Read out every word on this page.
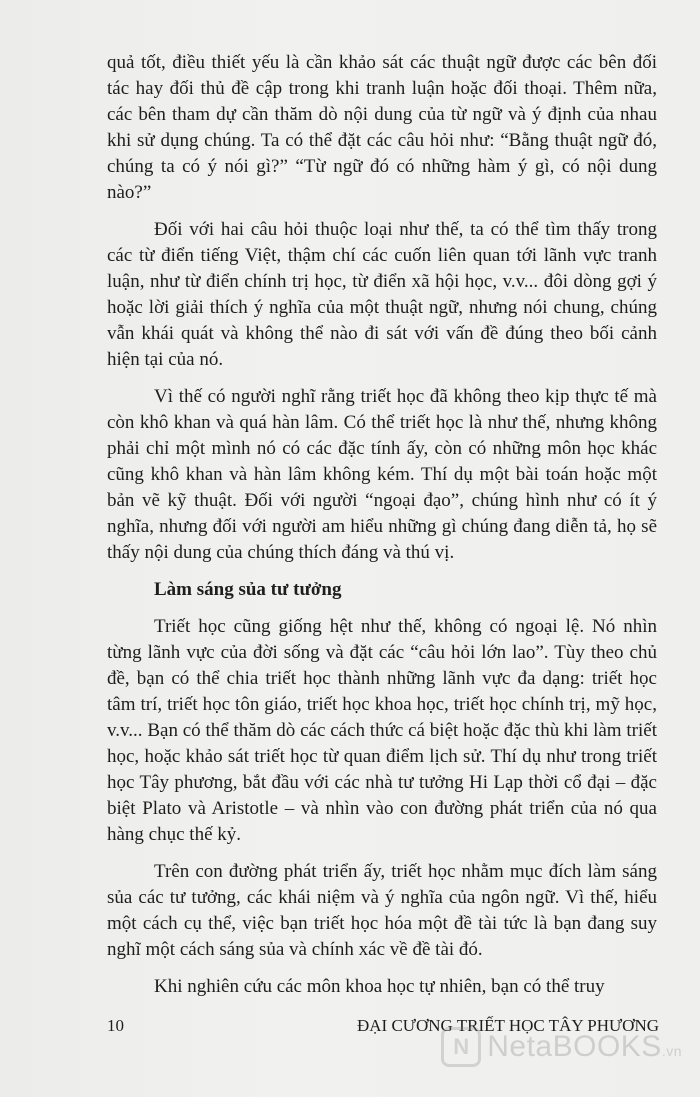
quả tốt, điều thiết yếu là cần khảo sát các thuật ngữ được các bên đối tác hay đối thủ đề cập trong khi tranh luận hoặc đối thoại. Thêm nữa, các bên tham dự cần thăm dò nội dung của từ ngữ và ý định của nhau khi sử dụng chúng. Ta có thể đặt các câu hỏi như: “Bằng thuật ngữ đó, chúng ta có ý nói gì?” “Từ ngữ đó có những hàm ý gì, có nội dung nào?”

Đối với hai câu hỏi thuộc loại như thế, ta có thể tìm thấy trong các từ điển tiếng Việt, thậm chí các cuốn liên quan tới lãnh vực tranh luận, như từ điển chính trị học, từ điển xã hội học, v.v... đôi dòng gợi ý hoặc lời giải thích ý nghĩa của một thuật ngữ, nhưng nói chung, chúng vẫn khái quát và không thể nào đi sát với vấn đề đúng theo bối cảnh hiện tại của nó.

Vì thế có người nghĩ rằng triết học đã không theo kịp thực tế mà còn khô khan và quá hàn lâm. Có thể triết học là như thế, nhưng không phải chỉ một mình nó có các đặc tính ấy, còn có những môn học khác cũng khô khan và hàn lâm không kém. Thí dụ một bài toán hoặc một bản vẽ kỹ thuật. Đối với người “ngoại đạo”, chúng hình như có ít ý nghĩa, nhưng đối với người am hiểu những gì chúng đang diễn tả, họ sẽ thấy nội dung của chúng thích đáng và thú vị.

Làm sáng sủa tư tưởng

Triết học cũng giống hệt như thế, không có ngoại lệ. Nó nhìn từng lãnh vực của đời sống và đặt các “câu hỏi lớn lao”. Tùy theo chủ đề, bạn có thể chia triết học thành những lãnh vực đa dạng: triết học tâm trí, triết học tôn giáo, triết học khoa học, triết học chính trị, mỹ học, v.v... Bạn có thể thăm dò các cách thức cá biệt hoặc đặc thù khi làm triết học, hoặc khảo sát triết học từ quan điểm lịch sử. Thí dụ như trong triết học Tây phương, bắt đầu với các nhà tư tưởng Hi Lạp thời cổ đại – đặc biệt Plato và Aristotle – và nhìn vào con đường phát triển của nó qua hàng chục thế kỷ.

Trên con đường phát triển ấy, triết học nhằm mục đích làm sáng sủa các tư tưởng, các khái niệm và ý nghĩa của ngôn ngữ. Vì thế, hiểu một cách cụ thể, việc bạn triết học hóa một đề tài tức là bạn đang suy nghĩ một cách sáng sủa và chính xác về đề tài đó.

Khi nghiên cứu các môn khoa học tự nhiên, bạn có thể truy

10	ĐẠI CƯƠNG TRIẾT HỌC TÂY PHƯƠNG
N NetaBOOKS.vn
